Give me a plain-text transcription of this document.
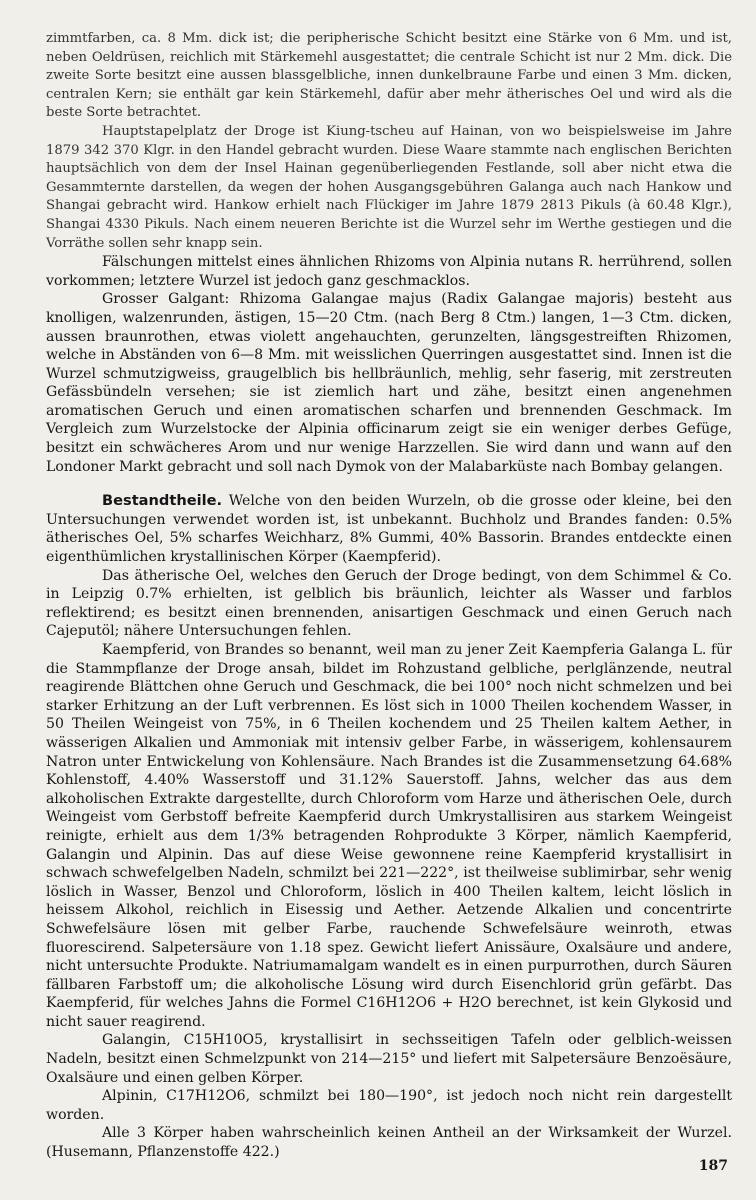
zimmtfarben, ca. 8 Mm. dick ist; die peripherische Schicht besitzt eine Stärke von 6 Mm. und ist, neben Oeldrüsen, reichlich mit Stärkemehl ausgestattet; die centrale Schicht ist nur 2 Mm. dick. Die zweite Sorte besitzt eine aussen blassgelbliche, innen dunkelbraune Farbe und einen 3 Mm. dicken, centralen Kern; sie enthält gar kein Stärkemehl, dafür aber mehr ätherisches Oel und wird als die beste Sorte betrachtet.

Hauptstapelplatz der Droge ist Kiung-tscheu auf Hainan, von wo beispielsweise im Jahre 1879 342 370 Klgr. in den Handel gebracht wurden. Diese Waare stammte nach englischen Berichten hauptsächlich von dem der Insel Hainan gegenüberliegenden Festlande, soll aber nicht etwa die Gesammternte darstellen, da wegen der hohen Ausgangsgebühren Galanga auch nach Hankow und Shangai gebracht wird. Hankow erhielt nach Flückiger im Jahre 1879 2813 Pikuls (à 60.48 Klgr.), Shangai 4330 Pikuls. Nach einem neueren Berichte ist die Wurzel sehr im Werthe gestiegen und die Vorräthe sollen sehr knapp sein.

Fälschungen mittelst eines ähnlichen Rhizoms von Alpinia nutans R. herrührend, sollen vorkommen; letztere Wurzel ist jedoch ganz geschmacklos.

Grosser Galgant: Rhizoma Galangae majus (Radix Galangae majoris) besteht aus knolligen, walzenrunden, ästigen, 15—20 Ctm. (nach Berg 8 Ctm.) langen, 1—3 Ctm. dicken, aussen braunrothen, etwas violett angehauchten, gerunzelten, längsgestreiften Rhizomen, welche in Abständen von 6—8 Mm. mit weisslichen Querringen ausgestattet sind. Innen ist die Wurzel schmutzigweiss, graugelblich bis hellbräunlich, mehlig, sehr faserig, mit zerstreuten Gefässbündeln versehen; sie ist ziemlich hart und zähe, besitzt einen angenehmen aromatischen Geruch und einen aromatischen scharfen und brennenden Geschmack. Im Vergleich zum Wurzelstocke der Alpinia officinarum zeigt sie ein weniger derbes Gefüge, besitzt ein schwächeres Arom und nur wenige Harzzellen. Sie wird dann und wann auf den Londoner Markt gebracht und soll nach Dymok von der Malabarküste nach Bombay gelangen.

Bestandtheile. Welche von den beiden Wurzeln, ob die grosse oder kleine, bei den Untersuchungen verwendet worden ist, ist unbekannt. Buchholz und Brandes fanden: 0.5% ätherisches Oel, 5% scharfes Weichharz, 8% Gummi, 40% Bassorin. Brandes entdeckte einen eigenthümlichen krystallinischen Körper (Kaempferid).

Das ätherische Oel, welches den Geruch der Droge bedingt, von dem Schimmel & Co. in Leipzig 0.7% erhielten, ist gelblich bis bräunlich, leichter als Wasser und farblos reflektirend; es besitzt einen brennenden, anisartigen Geschmack und einen Geruch nach Cajeputöl; nähere Untersuchungen fehlen.

Kaempferid, von Brandes so benannt, weil man zu jener Zeit Kaempferia Galanga L. für die Stammpflanze der Droge ansah, bildet im Rohzustand gelbliche, perlglänzende, neutral reagirende Blättchen ohne Geruch und Geschmack, die bei 100° noch nicht schmelzen und bei starker Erhitzung an der Luft verbrennen. Es löst sich in 1000 Theilen kochendem Wasser, in 50 Theilen Weingeist von 75%, in 6 Theilen kochendem und 25 Theilen kaltem Aether, in wässerigen Alkalien und Ammoniak mit intensiv gelber Farbe, in wässerigem, kohlensaurem Natron unter Entwickelung von Kohlensäure. Nach Brandes ist die Zusammensetzung 64.68% Kohlenstoff, 4.40% Wasserstoff und 31.12% Sauerstoff. Jahns, welcher das aus dem alkoholischen Extrakte dargestellte, durch Chloroform vom Harze und ätherischen Oele, durch Weingeist vom Gerbstoff befreite Kaempferid durch Umkrystallisiren aus starkem Weingeist reinigte, erhielt aus dem 1/3% betragenden Rohprodukte 3 Körper, nämlich Kaempferid, Galangin und Alpinin. Das auf diese Weise gewonnene reine Kaempferid krystallisirt in schwach schwefelgelben Nadeln, schmilzt bei 221—222°, ist theilweise sublimirbar, sehr wenig löslich in Wasser, Benzol und Chloroform, löslich in 400 Theilen kaltem, leicht löslich in heissem Alkohol, reichlich in Eisessig und Aether. Aetzende Alkalien und concentrirte Schwefelsäure lösen mit gelber Farbe, rauchende Schwefelsäure weinroth, etwas fluorescirend. Salpetersäure von 1.18 spez. Gewicht liefert Anissäure, Oxalsäure und andere, nicht untersuchte Produkte. Natriumamalgam wandelt es in einen purpurrothen, durch Säuren fällbaren Farbstoff um; die alkoholische Lösung wird durch Eisenchlorid grün gefärbt. Das Kaempferid, für welches Jahns die Formel C16H12O6 + H2O berechnet, ist kein Glykosid und nicht sauer reagirend.

Galangin, C15H10O5, krystallisirt in sechsseitigen Tafeln oder gelblich-weissen Nadeln, besitzt einen Schmelzpunkt von 214—215° und liefert mit Salpetersäure Benzoësäure, Oxalsäure und einen gelben Körper.

Alpinin, C17H12O6, schmilzt bei 180—190°, ist jedoch noch nicht rein dargestellt worden.

Alle 3 Körper haben wahrscheinlich keinen Antheil an der Wirksamkeit der Wurzel. (Husemann, Pflanzenstoffe 422.)

187
